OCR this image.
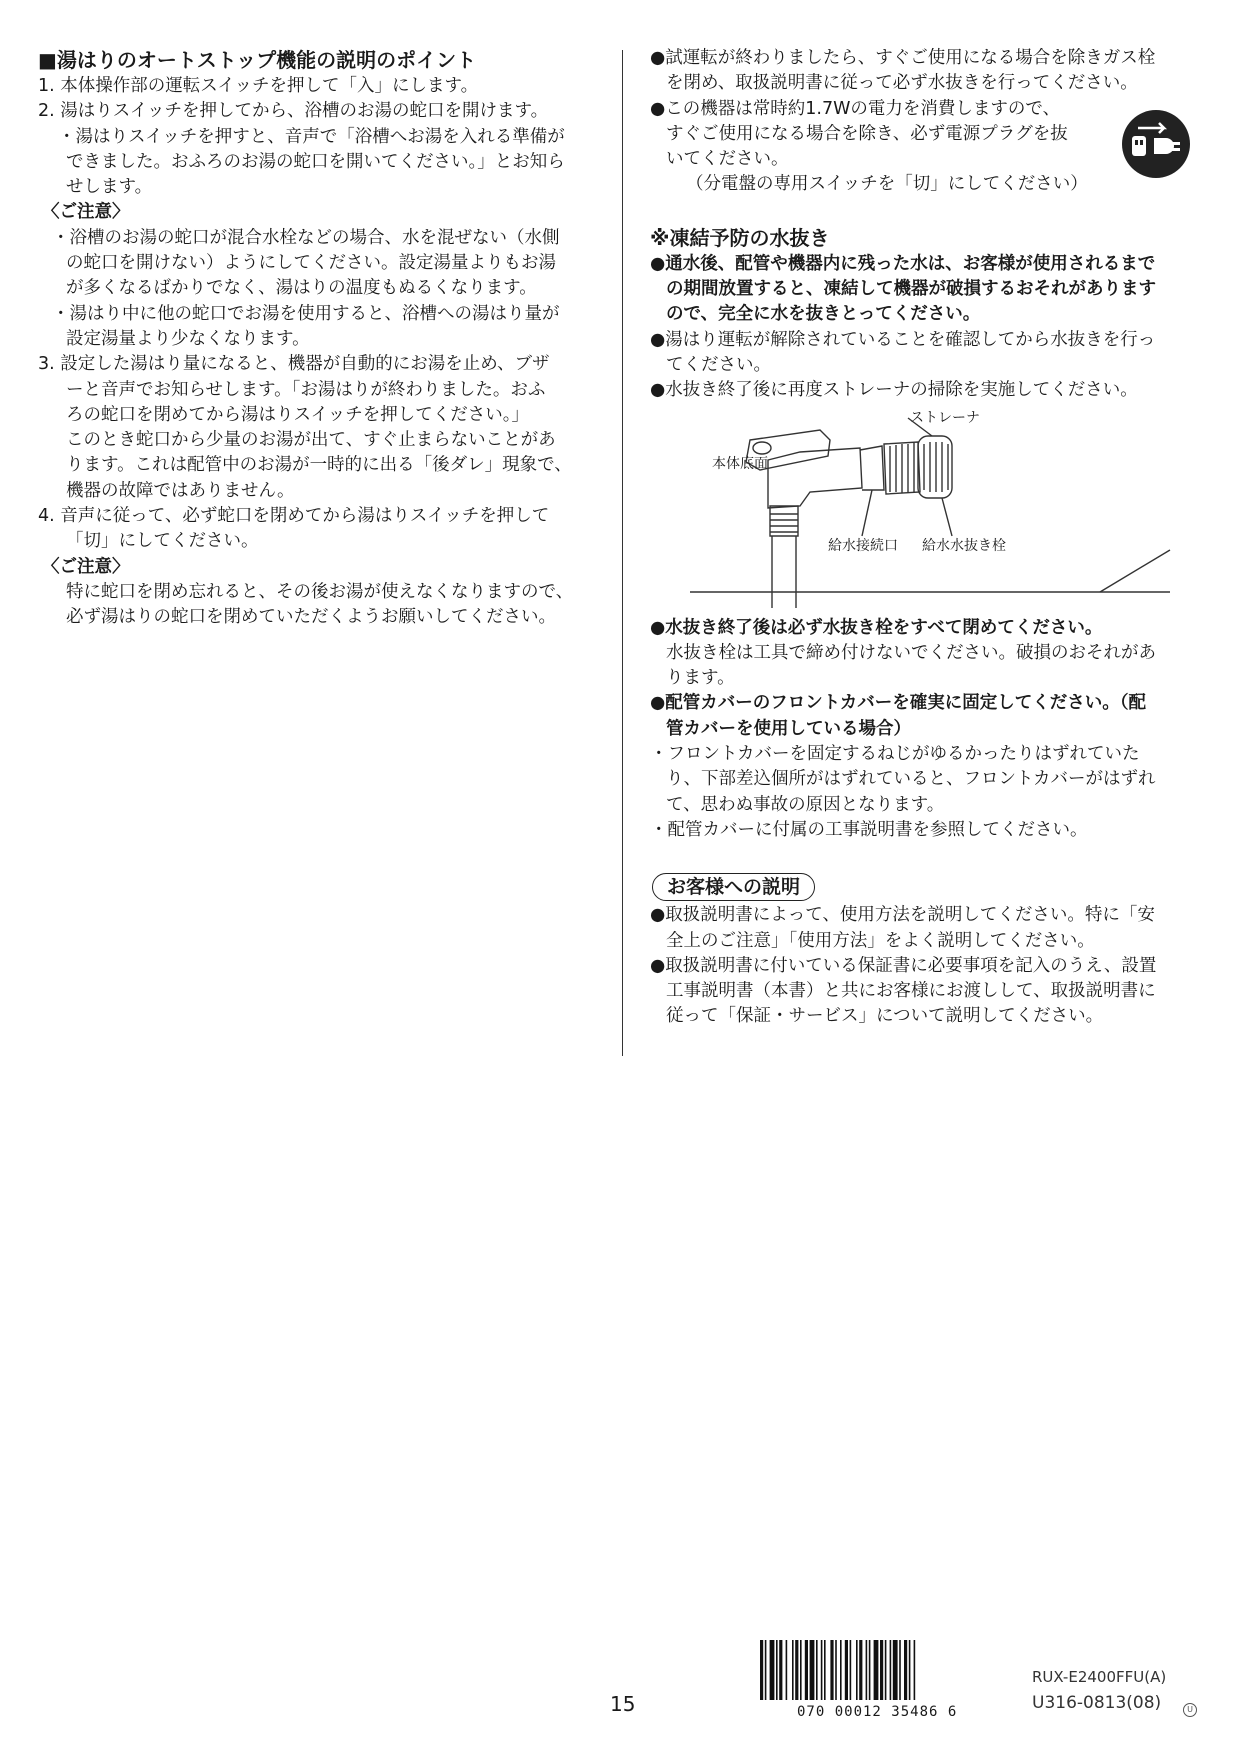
■湯はりのオートストップ機能の説明のポイント
1. 本体操作部の運転スイッチを押して「入」にします。
2. 湯はりスイッチを押してから、浴槽のお湯の蛇口を開けます。
・湯はりスイッチを押すと、音声で「浴槽へお湯を入れる準備が
できました。おふろのお湯の蛇口を開いてください。」とお知ら
せします。
〈ご注意〉
・浴槽のお湯の蛇口が混合水栓などの場合、水を混ぜない（水側
の蛇口を開けない）ようにしてください。設定湯量よりもお湯
が多くなるばかりでなく、湯はりの温度もぬるくなります。
・湯はり中に他の蛇口でお湯を使用すると、浴槽への湯はり量が
設定湯量より少なくなります。
3. 設定した湯はり量になると、機器が自動的にお湯を止め、ブザ
ーと音声でお知らせします。「お湯はりが終わりました。おふ
ろの蛇口を閉めてから湯はりスイッチを押してください。」
このとき蛇口から少量のお湯が出て、すぐ止まらないことがあ
ります。これは配管中のお湯が一時的に出る「後ダレ」現象で、
機器の故障ではありません。
4. 音声に従って、必ず蛇口を閉めてから湯はりスイッチを押して
「切」にしてください。
〈ご注意〉
特に蛇口を閉め忘れると、その後お湯が使えなくなりますので、
必ず湯はりの蛇口を閉めていただくようお願いしてください。
●試運転が終わりましたら、すぐご使用になる場合を除きガス栓
を閉め、取扱説明書に従って必ず水抜きを行ってください。
●この機器は常時約1.7Wの電力を消費しますので、
すぐご使用になる場合を除き、必ず電源プラグを抜
いてください。
（分電盤の専用スイッチを「切」にしてください）
※凍結予防の水抜き
●通水後、配管や機器内に残った水は、お客様が使用されるまで
の期間放置すると、凍結して機器が破損するおそれがあります
ので、完全に水を抜きとってください。
●湯はり運転が解除されていることを確認してから水抜きを行っ
てください。
●水抜き終了後に再度ストレーナの掃除を実施してください。
ストレーナ
本体底面
給水接続口 給水水抜き栓
●水抜き終了後は必ず水抜き栓をすべて閉めてください。
水抜き栓は工具で締め付けないでください。破損のおそれがあ
ります。
●配管カバーのフロントカバーを確実に固定してください。（配
管カバーを使用している場合）
・フロントカバーを固定するねじがゆるかったりはずれていた
り、下部差込個所がはずれていると、フロントカバーがはずれ
て、思わぬ事故の原因となります。
・配管カバーに付属の工事説明書を参照してください。
お客様への説明
●取扱説明書によって、使用方法を説明してください。特に「安
全上のご注意」「使用方法」をよく説明してください。
●取扱説明書に付いている保証書に必要事項を記入のうえ、設置
工事説明書（本書）と共にお客様にお渡しして、取扱説明書に
従って「保証・サービス」について説明してください。
15	070 00012 35486 6
RUX-E2400FFU(A)
U316-0813(08)	U
